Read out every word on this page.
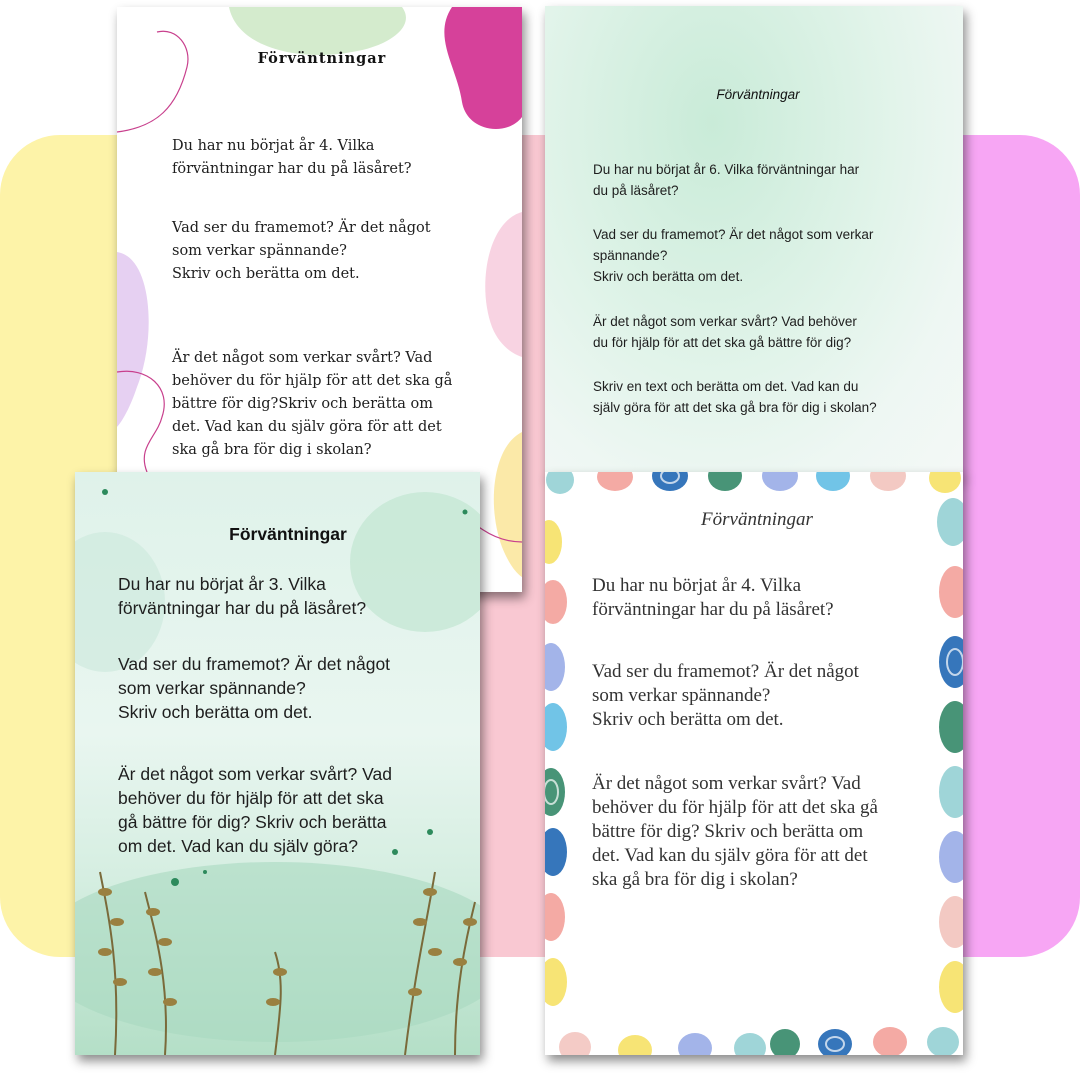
Förväntningar

Du har nu börjat år 4. Vilka
förväntningar har du på läsåret?

Vad ser du framemot? Är det något
som verkar spännande?
Skriv och berätta om det.

Är det något som verkar svårt? Vad
behöver du för hjälp för att det ska gå
bättre för dig?Skriv och berätta om
det. Vad kan du själv göra för att det
ska gå bra för dig i skolan?

Förväntningar

Du har nu börjat år 6. Vilka förväntningar har
du på läsåret?

Vad ser du framemot? Är det något som verkar
spännande?
Skriv och berätta om det.

Är det något som verkar svårt? Vad behöver
du för hjälp för att det ska gå bättre för dig?

Skriv en text och berätta om det. Vad kan du
själv göra för att det ska gå bra för dig i skolan?

Förväntningar

Du har nu börjat år 3. Vilka
förväntningar har du på läsåret?

Vad ser du framemot? Är det något
som verkar spännande?
Skriv och berätta om det.

Är det något som verkar svårt? Vad
behöver du för hjälp för att det ska
gå bättre för dig? Skriv och berätta
om det. Vad kan du själv göra?

Förväntningar

Du har nu börjat år 4. Vilka
förväntningar har du på läsåret?

Vad ser du framemot? Är det något
som verkar spännande?
Skriv och berätta om det.

Är det något som verkar svårt? Vad
behöver du för hjälp för att det ska gå
bättre för dig? Skriv och berätta om
det. Vad kan du själv göra för att det
ska gå bra för dig i skolan?
